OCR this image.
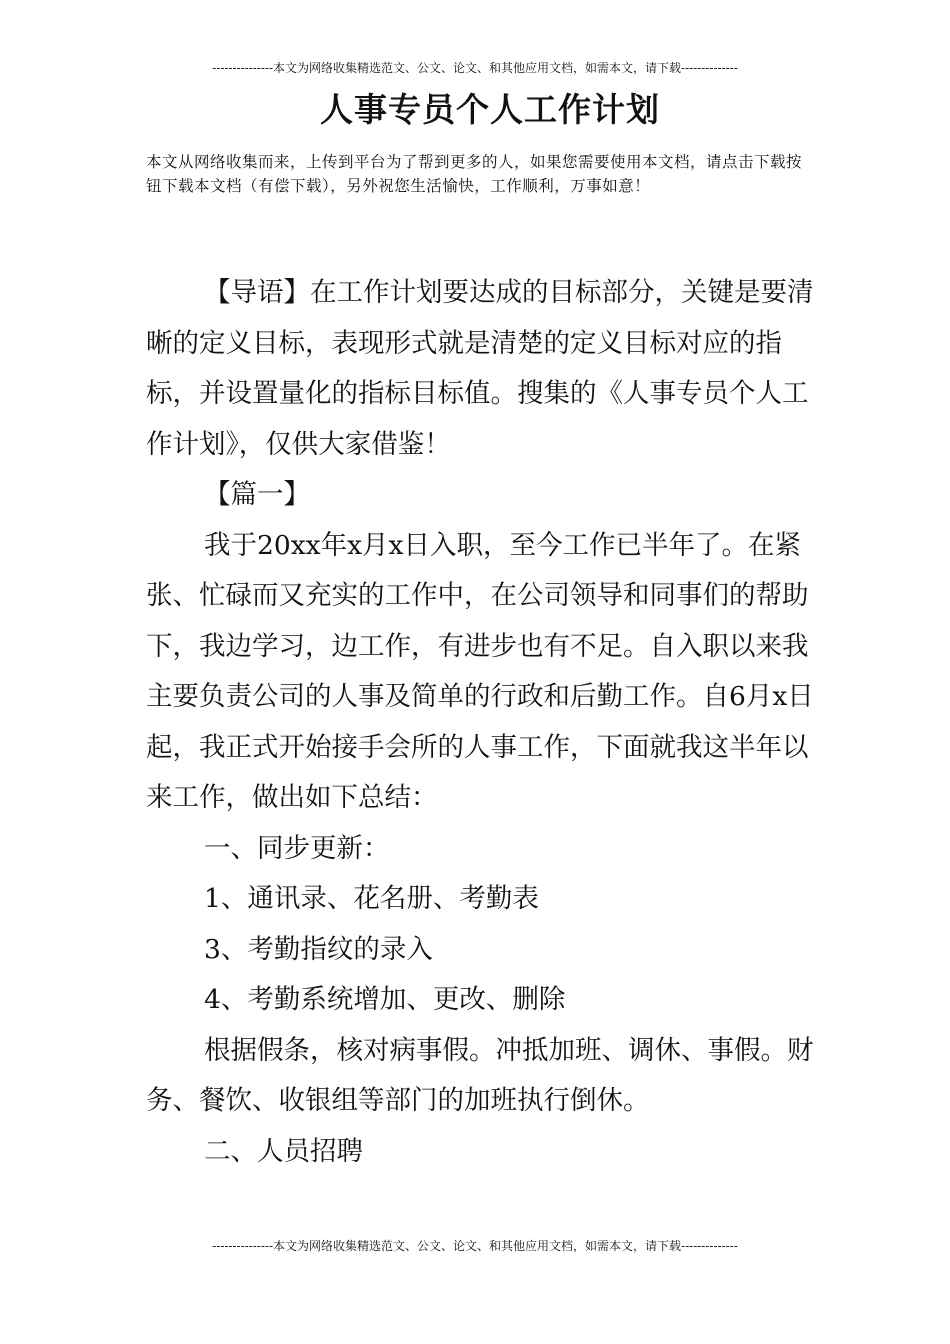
---------------本文为网络收集精选范文、公文、论文、和其他应用文档，如需本文，请下载--------------
人事专员个人工作计划
本文从网络收集而来，上传到平台为了帮到更多的人，如果您需要使用本文档，请点击下载按钮下载本文档（有偿下载），另外祝您生活愉快，工作顺利，万事如意！

【导语】在工作计划要达成的目标部分，关键是要清晰的定义目标，表现形式就是清楚的定义目标对应的指标，并设置量化的指标目标值。搜集的《人事专员个人工作计划》，仅供大家借鉴！

【篇一】

我于20xx年x月x日入职，至今工作已半年了。在紧张、忙碌而又充实的工作中，在公司领导和同事们的帮助下，我边学习，边工作，有进步也有不足。自入职以来我主要负责公司的人事及简单的行政和后勤工作。自6月x日起，我正式开始接手会所的人事工作，下面就我这半年以来工作，做出如下总结：

一、同步更新：

1、通讯录、花名册、考勤表

3、考勤指纹的录入

4、考勤系统增加、更改、删除

根据假条，核对病事假。冲抵加班、调休、事假。财务、餐饮、收银组等部门的加班执行倒休。

二、人员招聘

---------------本文为网络收集精选范文、公文、论文、和其他应用文档，如需本文，请下载--------------
